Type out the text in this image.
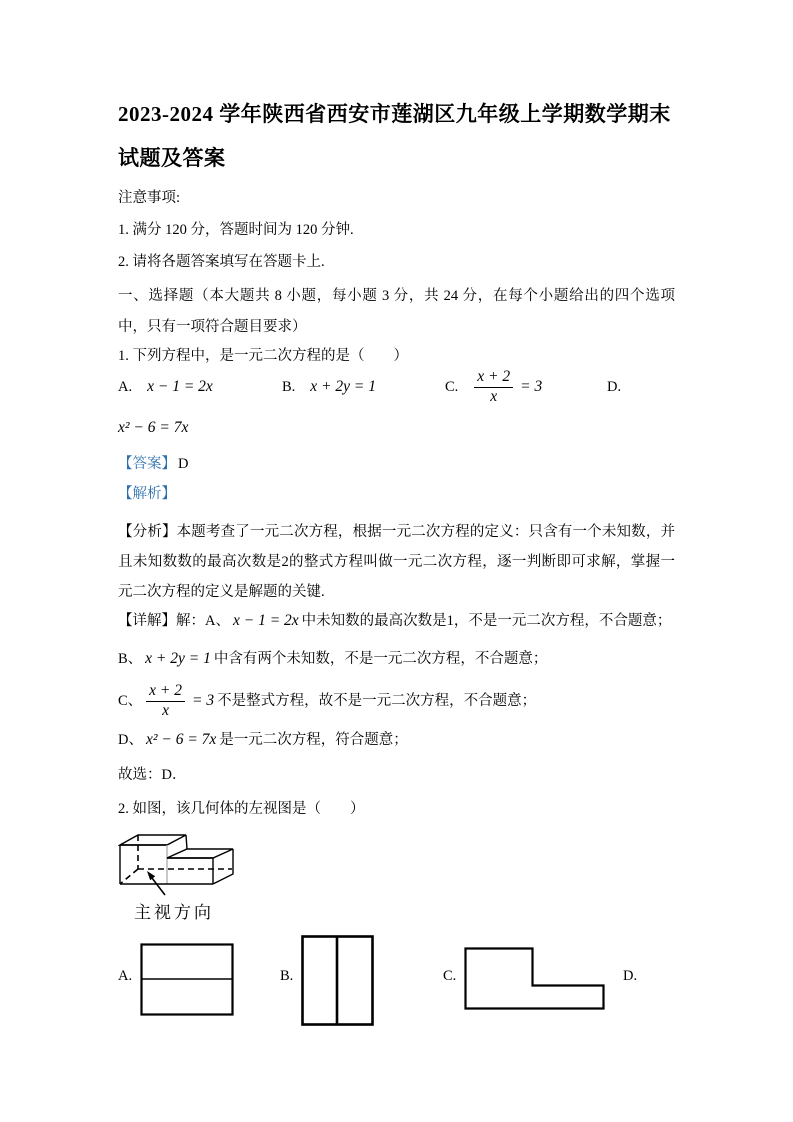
2023-2024 学年陕西省西安市莲湖区九年级上学期数学期末
试题及答案
注意事项:
1. 满分 120 分，答题时间为 120 分钟.
2. 请将各题答案填写在答题卡上.
一、选择题（本大题共 8 小题，每小题 3 分，共 24 分，在每个小题给出的四个选项中，只有一项符合题目要求）
1. 下列方程中，是一元二次方程的是（　　）
A. x − 1 = 2x	B. x + 2y = 1	C. $\frac{x + 2}{x} = 3$	D.
x² − 6 = 7x
【答案】 D
【解析】
【分析】本题考查了一元二次方程，根据一元二次方程的定义：只含有一个未知数，并且未知数数的最高次数是2的整式方程叫做一元二次方程，逐一判断即可求解，掌握一元二次方程的定义是解题的关键.
【详解】解：A、 x − 1 = 2x 中未知数的最高次数是1，不是一元二次方程，不合题意；
B、 x + 2y = 1 中含有两个未知数，不是一元二次方程，不合题意；
C、 $\frac{x + 2}{x} = 3$ 不是整式方程，故不是一元二次方程，不合题意；
D、 x² − 6 = 7x 是一元二次方程，符合题意；
故选：D．
2. 如图，该几何体的左视图是（　　）
主视方向
A.	B.	C.	D.
